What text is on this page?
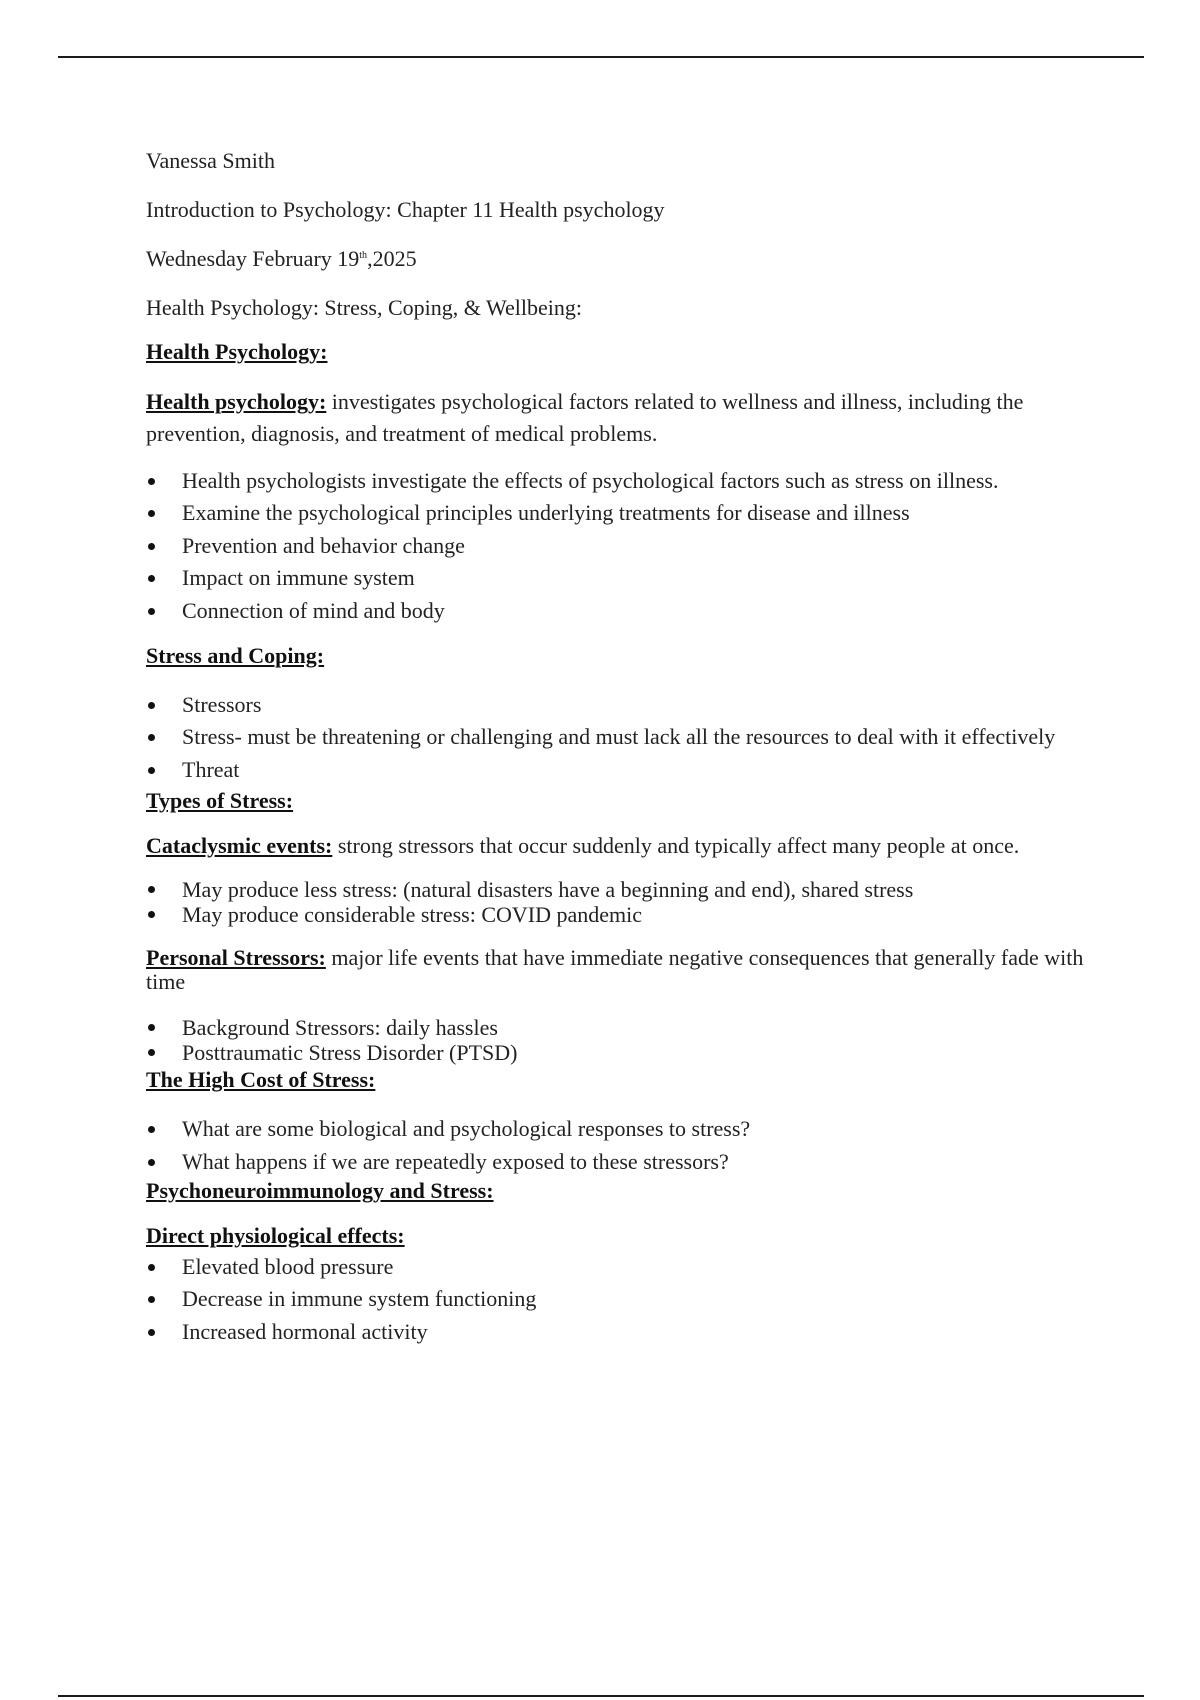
Vanessa Smith

Introduction to Psychology: Chapter 11 Health psychology

Wednesday February 19th,2025

Health Psychology: Stress, Coping, & Wellbeing:

Health Psychology:

Health psychology: investigates psychological factors related to wellness and illness, including the prevention, diagnosis, and treatment of medical problems.

Health psychologists investigate the effects of psychological factors such as stress on illness.
Examine the psychological principles underlying treatments for disease and illness
Prevention and behavior change
Impact on immune system
Connection of mind and body

Stress and Coping:

Stressors
Stress- must be threatening or challenging and must lack all the resources to deal with it effectively
Threat

Types of Stress:

Cataclysmic events: strong stressors that occur suddenly and typically affect many people at once.

May produce less stress: (natural disasters have a beginning and end), shared stress
May produce considerable stress: COVID pandemic

Personal Stressors: major life events that have immediate negative consequences that generally fade with time

Background Stressors: daily hassles
Posttraumatic Stress Disorder (PTSD)

The High Cost of Stress:

What are some biological and psychological responses to stress?
What happens if we are repeatedly exposed to these stressors?

Psychoneuroimmunology and Stress:

Direct physiological effects:

Elevated blood pressure
Decrease in immune system functioning
Increased hormonal activity
